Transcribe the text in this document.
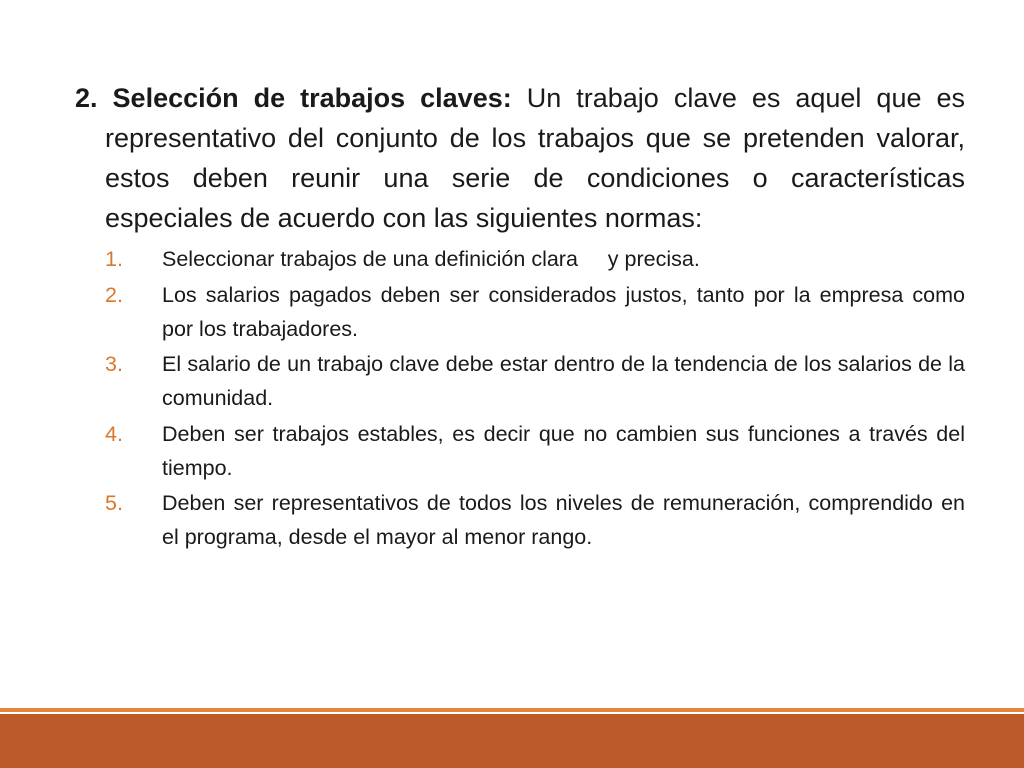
2. Selección de trabajos claves: Un trabajo clave es aquel que es representativo del conjunto de los trabajos que se pretenden valorar, estos deben reunir una serie de condiciones o características especiales de acuerdo con las siguientes normas:

1. Seleccionar trabajos de una definición clara     y precisa.
2. Los salarios pagados deben ser considerados justos, tanto por la empresa como por los trabajadores.
3. El salario de un trabajo clave debe estar dentro de la tendencia de los salarios de la comunidad.
4. Deben ser trabajos estables, es decir que no cambien sus funciones a través del tiempo.
5. Deben ser representativos de todos los niveles de remuneración, comprendido en el programa, desde el mayor al menor rango.
